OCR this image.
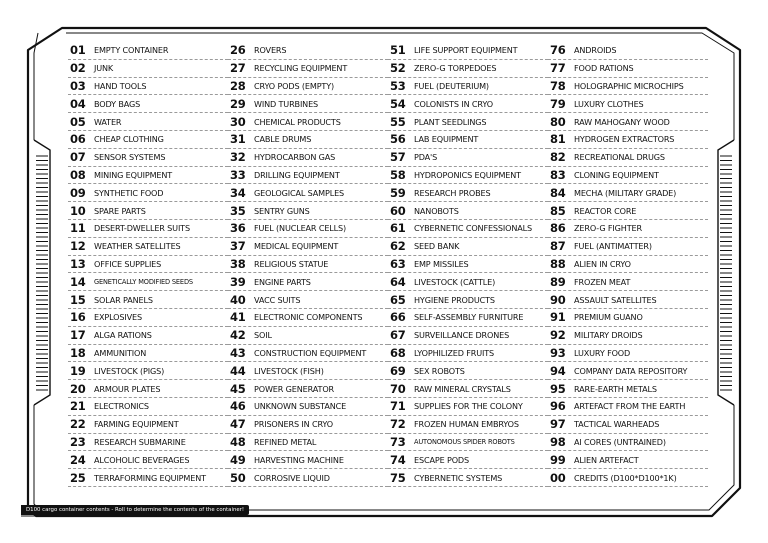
01	EMPTY CONTAINER
02	JUNK
03	HAND TOOLS
04	BODY BAGS
05	WATER
06	CHEAP CLOTHING
07	SENSOR SYSTEMS
08	MINING EQUIPMENT
09	SYNTHETIC FOOD
10	SPARE PARTS
11	DESERT-DWELLER SUITS
12	WEATHER SATELLITES
13	OFFICE SUPPLIES
14	GENETICALLY MODIFIED SEEDS
15	SOLAR PANELS
16	EXPLOSIVES
17	ALGA RATIONS
18	AMMUNITION
19	LIVESTOCK (PIGS)
20	ARMOUR PLATES
21	ELECTRONICS
22	FARMING EQUIPMENT
23	RESEARCH SUBMARINE
24	ALCOHOLIC BEVERAGES
25	TERRAFORMING EQUIPMENT
26	ROVERS
27	RECYCLING EQUIPMENT
28	CRYO PODS (EMPTY)
29	WIND TURBINES
30	CHEMICAL PRODUCTS
31	CABLE DRUMS
32	HYDROCARBON GAS
33	DRILLING EQUIPMENT
34	GEOLOGICAL SAMPLES
35	SENTRY GUNS
36	FUEL (NUCLEAR CELLS)
37	MEDICAL EQUIPMENT
38	RELIGIOUS STATUE
39	ENGINE PARTS
40	VACC SUITS
41	ELECTRONIC COMPONENTS
42	SOIL
43	CONSTRUCTION EQUIPMENT
44	LIVESTOCK (FISH)
45	POWER GENERATOR
46	UNKNOWN SUBSTANCE
47	PRISONERS IN CRYO
48	REFINED METAL
49	HARVESTING MACHINE
50	CORROSIVE LIQUID
51	LIFE SUPPORT EQUIPMENT
52	ZERO-G TORPEDOES
53	FUEL (DEUTERIUM)
54	COLONISTS IN CRYO
55	PLANT SEEDLINGS
56	LAB EQUIPMENT
57	PDA'S
58	HYDROPONICS EQUIPMENT
59	RESEARCH PROBES
60	NANOBOTS
61	CYBERNETIC CONFESSIONALS
62	SEED BANK
63	EMP MISSILES
64	LIVESTOCK (CATTLE)
65	HYGIENE PRODUCTS
66	SELF-ASSEMBLY FURNITURE
67	SURVEILLANCE DRONES
68	LYOPHILIZED FRUITS
69	SEX ROBOTS
70	RAW MINERAL CRYSTALS
71	SUPPLIES FOR THE COLONY
72	FROZEN HUMAN EMBRYOS
73	AUTONOMOUS SPIDER ROBOTS
74	ESCAPE PODS
75	CYBERNETIC SYSTEMS
76	ANDROIDS
77	FOOD RATIONS
78	HOLOGRAPHIC MICROCHIPS
79	LUXURY CLOTHES
80	RAW MAHOGANY WOOD
81	HYDROGEN EXTRACTORS
82	RECREATIONAL DRUGS
83	CLONING EQUIPMENT
84	MECHA (MILITARY GRADE)
85	REACTOR CORE
86	ZERO-G FIGHTER
87	FUEL (ANTIMATTER)
88	ALIEN IN CRYO
89	FROZEN MEAT
90	ASSAULT SATELLITES
91	PREMIUM GUANO
92	MILITARY DROIDS
93	LUXURY FOOD
94	COMPANY DATA REPOSITORY
95	RARE-EARTH METALS
96	ARTEFACT FROM THE EARTH
97	TACTICAL WARHEADS
98	AI CORES (UNTRAINED)
99	ALIEN ARTEFACT
00	CREDITS (D100*D100*1K)
D100 cargo container contents - Roll to determine the contents of the container!
